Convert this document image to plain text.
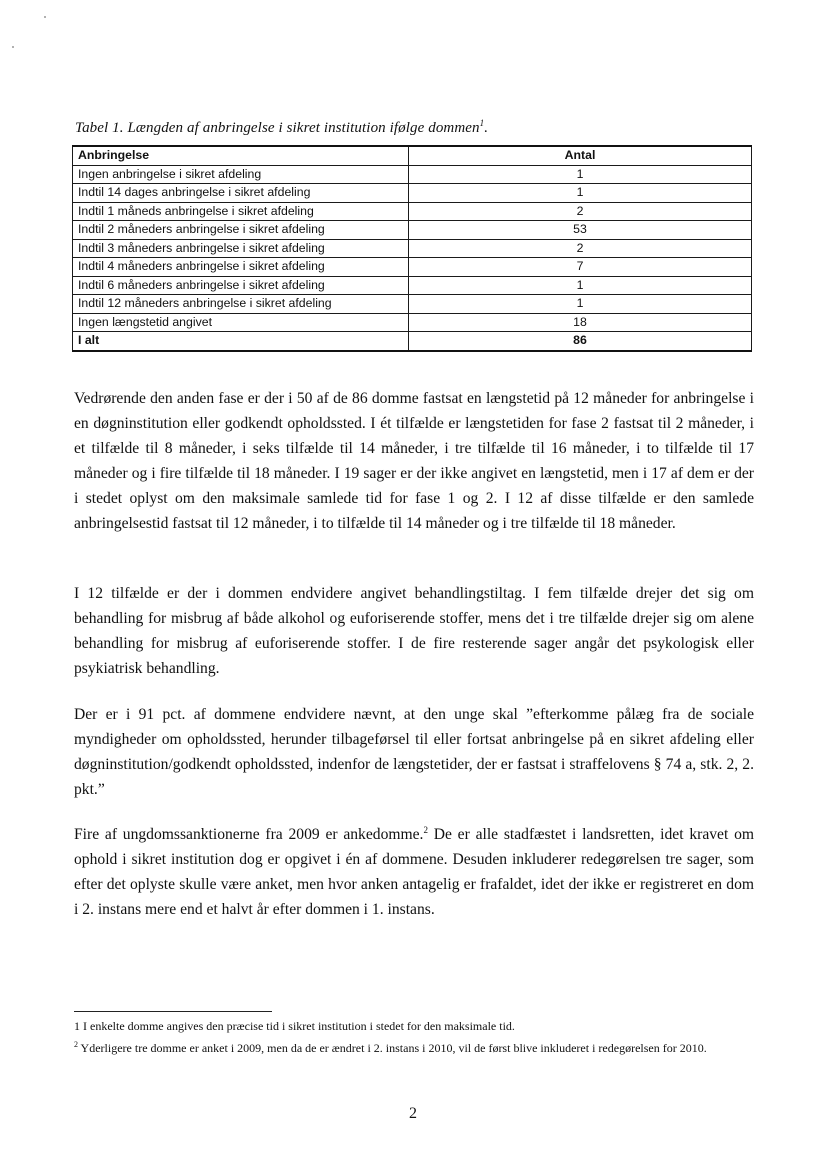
Tabel 1. Længden af anbringelse i sikret institution ifølge dommen$^1$.
Anbringelse	Antal
Ingen anbringelse i sikret afdeling	1
Indtil 14 dages anbringelse i sikret afdeling	1
Indtil 1 måneds anbringelse i sikret afdeling	2
Indtil 2 måneders anbringelse i sikret afdeling	53
Indtil 3 måneders anbringelse i sikret afdeling	2
Indtil 4 måneders anbringelse i sikret afdeling	7
Indtil 6 måneders anbringelse i sikret afdeling	1
Indtil 12 måneders anbringelse i sikret afdeling	1
Ingen længstetid angivet	18
I alt	86

Vedrørende den anden fase er der i 50 af de 86 domme fastsat en længstetid på 12 måneder for anbringelse i en døgninstitution eller godkendt opholdssted. I ét tilfælde er længstetiden for fase 2 fastsat til 2 måneder, i et tilfælde til 8 måneder, i seks tilfælde til 14 måneder, i tre tilfælde til 16 måneder, i to tilfælde til 17 måneder og i fire tilfælde til 18 måneder. I 19 sager er der ikke angivet en længstetid, men i 17 af dem er der i stedet oplyst om den maksimale samlede tid for fase 1 og 2. I 12 af disse tilfælde er den samlede anbringelsestid fastsat til 12 måneder, i to tilfælde til 14 måneder og i tre tilfælde til 18 måneder.

I 12 tilfælde er der i dommen endvidere angivet behandlingstiltag. I fem tilfælde drejer det sig om behandling for misbrug af både alkohol og euforiserende stoffer, mens det i tre tilfælde drejer sig om alene behandling for misbrug af euforiserende stoffer. I de fire resterende sager angår det psykologisk eller psykiatrisk behandling.

Der er i 91 pct. af dommene endvidere nævnt, at den unge skal ”efterkomme pålæg fra de sociale myndigheder om opholdssted, herunder tilbageførsel til eller fortsat anbringelse på en sikret afdeling eller døgninstitution/godkendt opholdssted, indenfor de længstetider, der er fastsat i straffelovens § 74 a, stk. 2, 2. pkt.”

Fire af ungdomssanktionerne fra 2009 er ankedomme.$^2$ De er alle stadfæstet i landsretten, idet kravet om ophold i sikret institution dog er opgivet i én af dommene. Desuden inkluderer redegørelsen tre sager, som efter det oplyste skulle være anket, men hvor anken antagelig er frafaldet, idet der ikke er registreret en dom i 2. instans mere end et halvt år efter dommen i 1. instans.

1 I enkelte domme angives den præcise tid i sikret institution i stedet for den maksimale tid.

$^2$ Yderligere tre domme er anket i 2009, men da de er ændret i 2. instans i 2010, vil de først blive inkluderet i redegørelsen for 2010.

2
